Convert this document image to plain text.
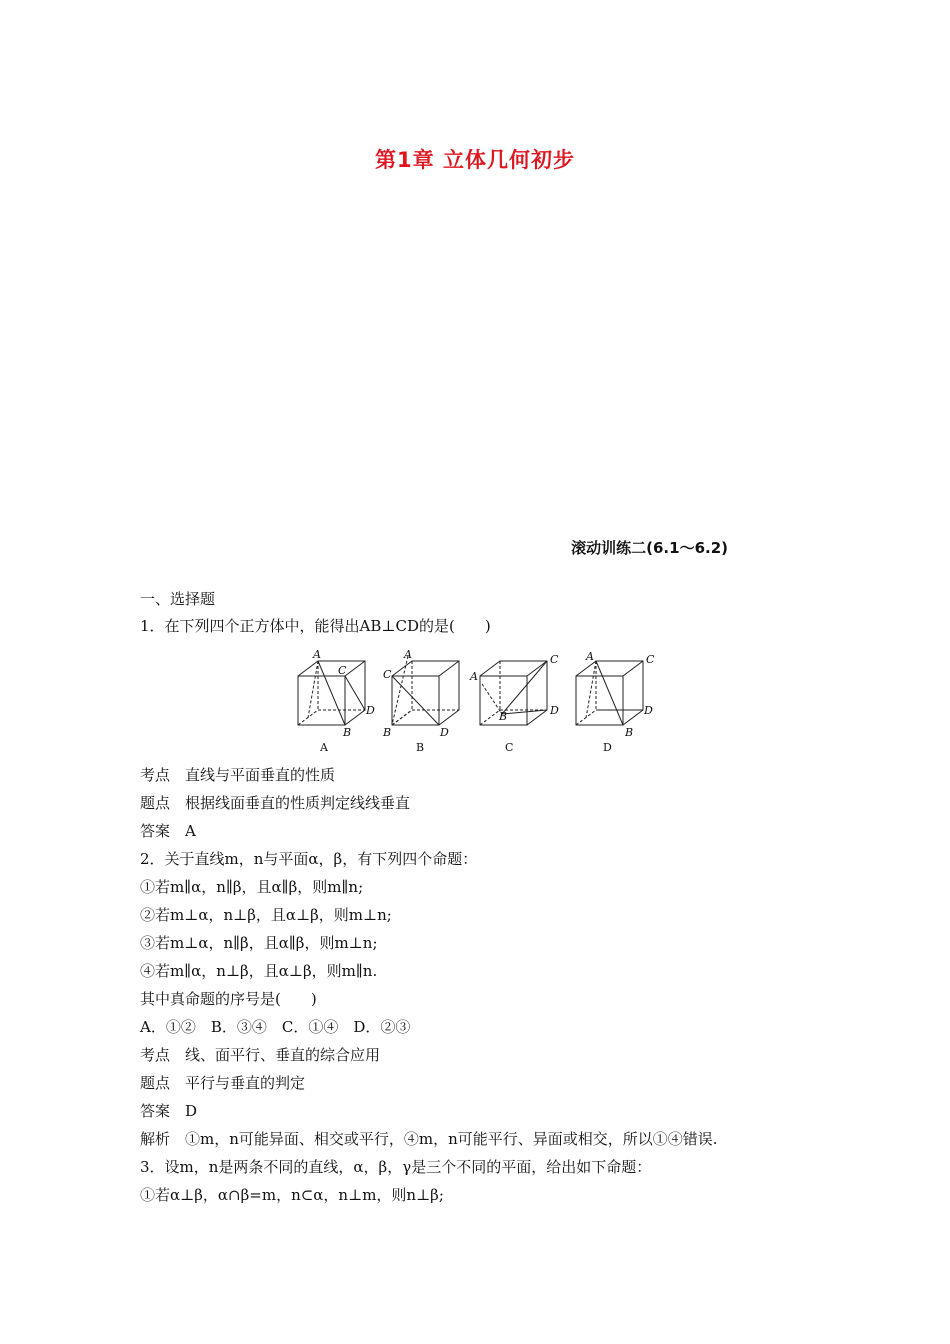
第1章 立体几何初步
滚动训练二(6.1～6.2)
一、选择题
1．在下列四个正方体中，能得出AB⊥CD的是(　　)
A
C
D
B
A
C
B	D
A
C
B	D
A	C
D
B
A	B	C	D
考点　直线与平面垂直的性质
题点　根据线面垂直的性质判定线线垂直
答案　A
2．关于直线m，n与平面α，β，有下列四个命题：
①若m∥α，n∥β，且α∥β，则m∥n;
②若m⊥α，n⊥β，且α⊥β，则m⊥n;
③若m⊥α，n∥β，且α∥β，则m⊥n;
④若m∥α，n⊥β，且α⊥β，则m∥n.
其中真命题的序号是(　　)
A．①②　B．③④　C．①④　D．②③
考点　线、面平行、垂直的综合应用
题点　平行与垂直的判定
答案　D
解析　①m，n可能异面、相交或平行，④m，n可能平行、异面或相交，所以①④错误.
3．设m，n是两条不同的直线，α，β，γ是三个不同的平面，给出如下命题：
①若α⊥β，α∩β=m，n⊂α，n⊥m，则n⊥β;
